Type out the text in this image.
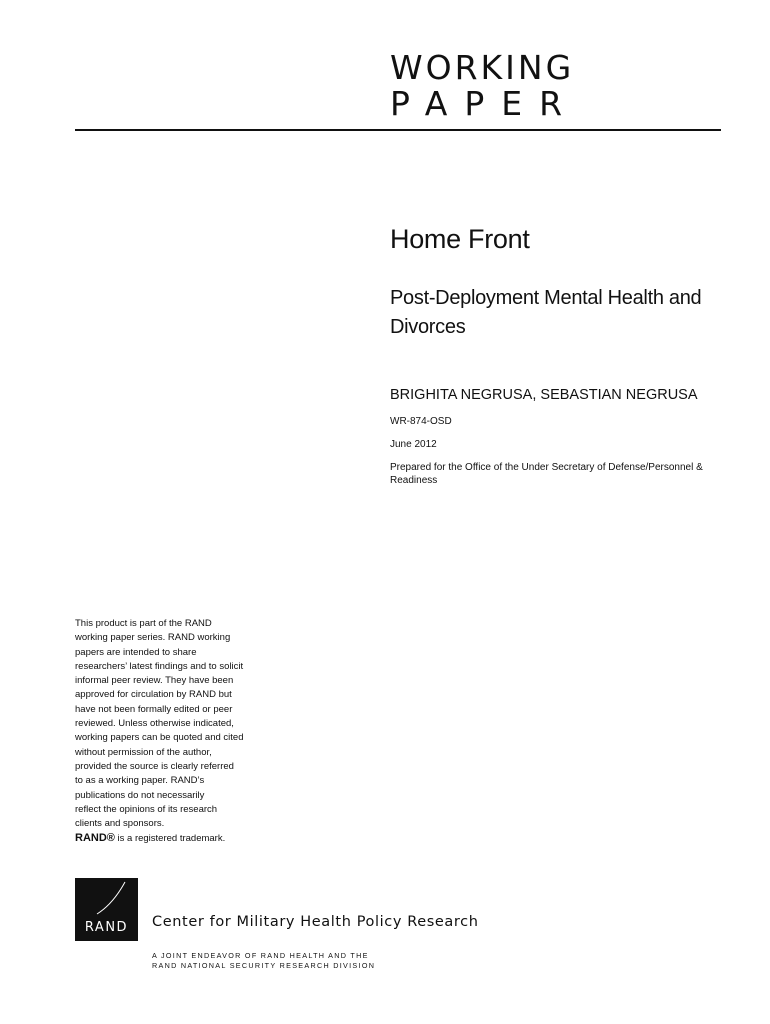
WORKING
PAPER
Home Front
Post-Deployment Mental Health and Divorces
BRIGHITA NEGRUSA, SEBASTIAN NEGRUSA
WR-874-OSD
June 2012
Prepared for the Office of the Under Secretary of Defense/Personnel & Readiness
This product is part of the RAND
working paper series. RAND working
papers are intended to share
researchers’ latest findings and to solicit
informal peer review. They have been
approved for circulation by RAND but
have not been formally edited or peer
reviewed. Unless otherwise indicated,
working papers can be quoted and cited
without permission of the author,
provided the source is clearly referred
to as a working paper. RAND’s
publications do not necessarily
reflect the opinions of its research
clients and sponsors.
RAND® is a registered trademark.
RAND	Center for Military Health Policy Research
A JOINT ENDEAVOR OF RAND HEALTH AND THE
RAND NATIONAL SECURITY RESEARCH DIVISION
